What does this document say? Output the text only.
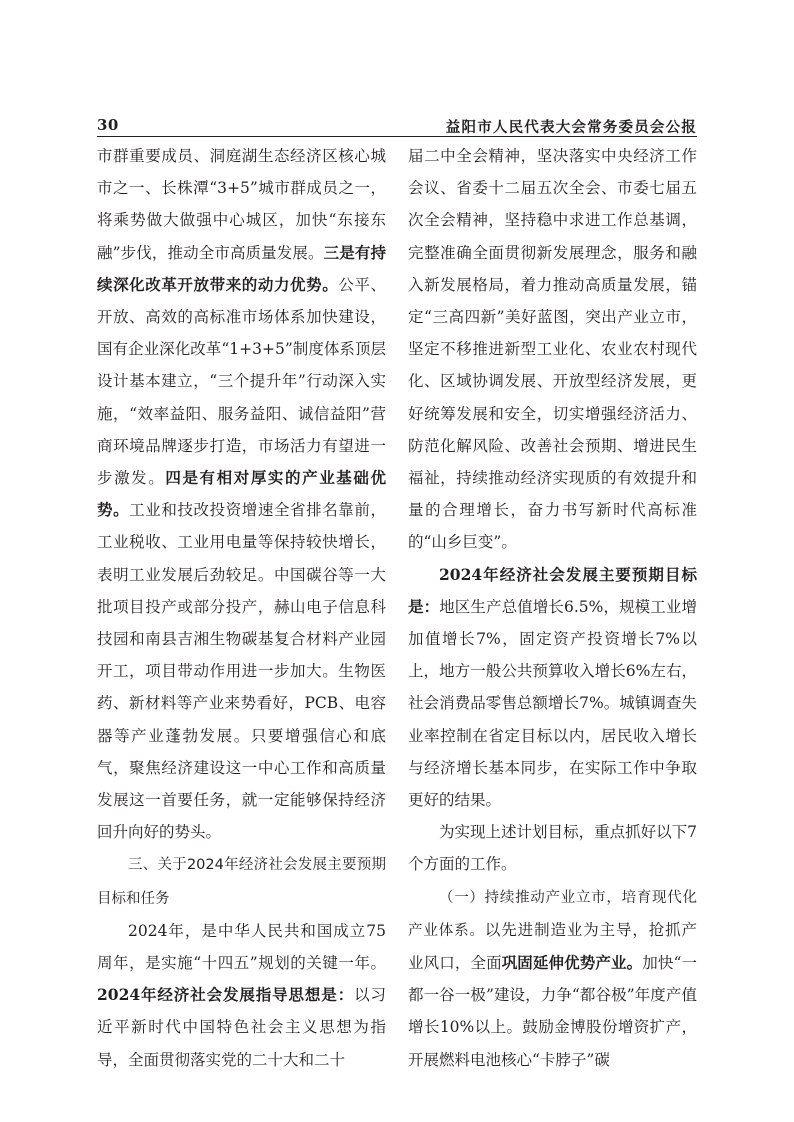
30	益阳市人民代表大会常务委员会公报

市群重要成员、洞庭湖生态经济区核心城市之一、长株潭“3+5”城市群成员之一，将乘势做大做强中心城区，加快“东接东融”步伐，推动全市高质量发展。三是有持续深化改革开放带来的动力优势。公平、开放、高效的高标准市场体系加快建设，国有企业深化改革“1+3+5”制度体系顶层设计基本建立，“三个提升年”行动深入实施，“效率益阳、服务益阳、诚信益阳”营商环境品牌逐步打造，市场活力有望进一步激发。四是有相对厚实的产业基础优势。工业和技改投资增速全省排名靠前，工业税收、工业用电量等保持较快增长，表明工业发展后劲较足。中国碳谷等一大批项目投产或部分投产，赫山电子信息科技园和南县吉湘生物碳基复合材料产业园开工，项目带动作用进一步加大。生物医药、新材料等产业来势看好，PCB、电容器等产业蓬勃发展。只要增强信心和底气，聚焦经济建设这一中心工作和高质量发展这一首要任务，就一定能够保持经济回升向好的势头。

三、关于2024年经济社会发展主要预期目标和任务

2024年，是中华人民共和国成立75周年，是实施“十四五”规划的关键一年。2024年经济社会发展指导思想是：以习近平新时代中国特色社会主义思想为指导，全面贯彻落实党的二十大和二十

届二中全会精神，坚决落实中央经济工作会议、省委十二届五次全会、市委七届五次全会精神，坚持稳中求进工作总基调，完整准确全面贯彻新发展理念，服务和融入新发展格局，着力推动高质量发展，锚定“三高四新”美好蓝图，突出产业立市，坚定不移推进新型工业化、农业农村现代化、区域协调发展、开放型经济发展，更好统筹发展和安全，切实增强经济活力、防范化解风险、改善社会预期、增进民生福祉，持续推动经济实现质的有效提升和量的合理增长，奋力书写新时代高标准的“山乡巨变”。

2024年经济社会发展主要预期目标是：地区生产总值增长6.5%，规模工业增加值增长7%，固定资产投资增长7%以上，地方一般公共预算收入增长6%左右，社会消费品零售总额增长7%。城镇调查失业率控制在省定目标以内，居民收入增长与经济增长基本同步，在实际工作中争取更好的结果。

为实现上述计划目标，重点抓好以下7个方面的工作。

（一）持续推动产业立市，培育现代化产业体系。以先进制造业为主导，抢抓产业风口，全面巩固延伸优势产业。加快“一都一谷一极”建设，力争“都谷极”年度产值增长10%以上。鼓励金博股份增资扩产，开展燃料电池核心“卡脖子”碳
